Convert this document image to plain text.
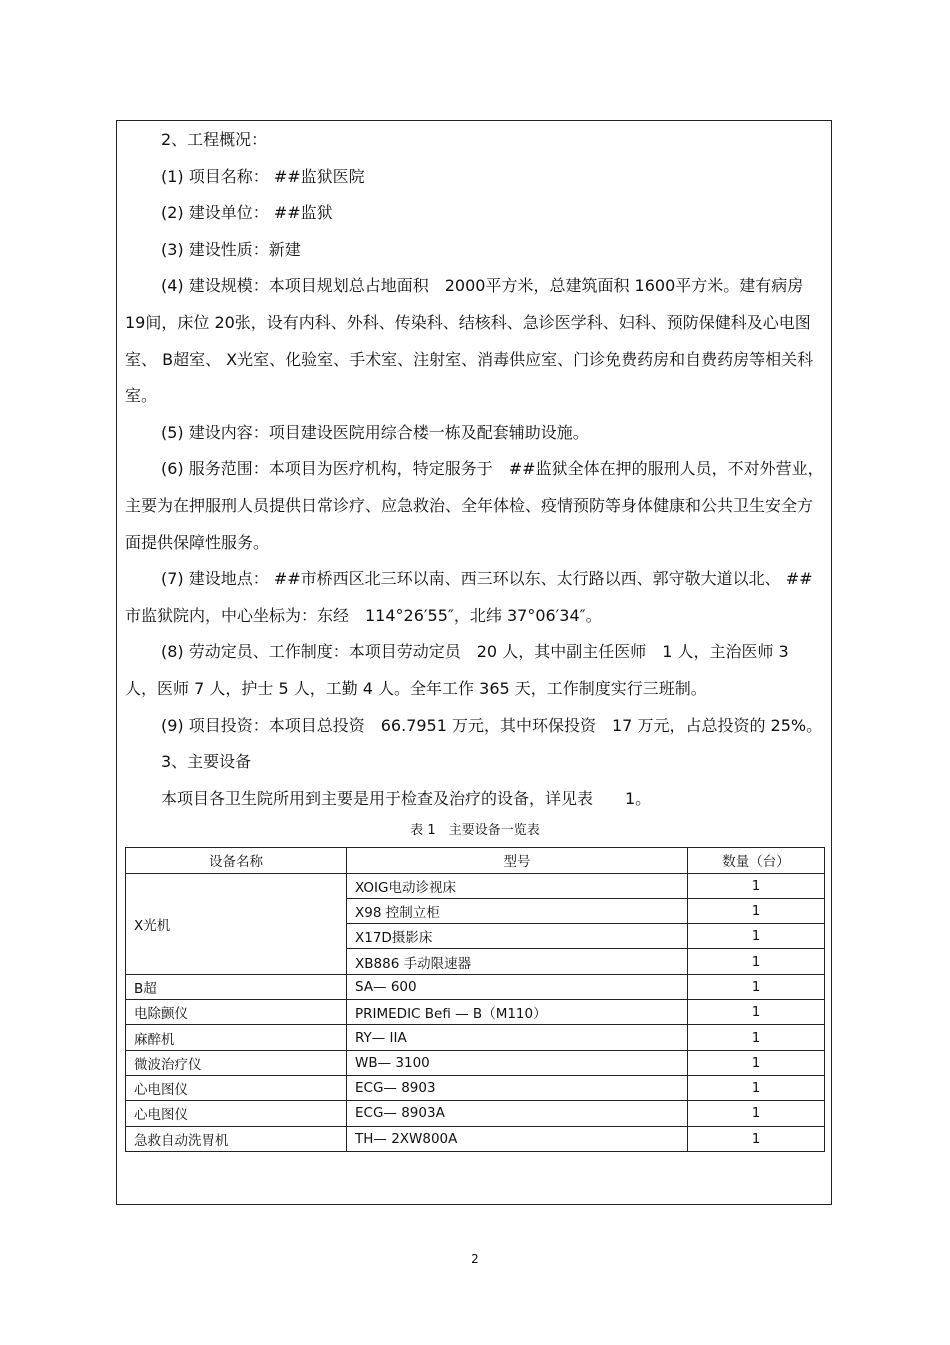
2、工程概况：

(1) 项目名称： ##监狱医院

(2) 建设单位： ##监狱

(3) 建设性质：新建

(4) 建设规模：本项目规划总占地面积　2000平方米，总建筑面积 1600平方米。建有病房 19间，床位 20张，设有内科、外科、传染科、结核科、急诊医学科、妇科、预防保健科及心电图室、 B超室、 X光室、化验室、手术室、注射室、消毒供应室、门诊免费药房和自费药房等相关科室。

(5) 建设内容：项目建设医院用综合楼一栋及配套辅助设施。

(6) 服务范围：本项目为医疗机构，特定服务于　##监狱全体在押的服刑人员，不对外营业，主要为在押服刑人员提供日常诊疗、应急救治、全年体检、疫情预防等身体健康和公共卫生安全方面提供保障性服务。

(7) 建设地点： ##市桥西区北三环以南、西三环以东、太行路以西、郭守敬大道以北、 ##市监狱院内，中心坐标为：东经　114°26′55″，北纬 37°06′34″。

(8) 劳动定员、工作制度：本项目劳动定员　20 人，其中副主任医师　1 人，主治医师 3 人，医师 7 人，护士 5 人，工勤 4 人。全年工作 365 天，工作制度实行三班制。

(9) 项目投资：本项目总投资　66.7951 万元，其中环保投资　17 万元，占总投资的 25%。

3、主要设备

本项目各卫生院所用到主要是用于检查及治疗的设备，详见表　　1。

表 1　主要设备一览表
设备名称	型号	数量（台）
X光机	XOIG电动诊视床	1
	X98 控制立柜	1
	X17D摄影床	1
	XB886 手动限速器	1
B超	SA— 600	1
电除颤仪	PRIMEDIC Befi — B（M110）	1
麻醉机	RY— IIA	1
微波治疗仪	WB— 3100	1
心电图仪	ECG— 8903	1
心电图仪	ECG— 8903A	1
急救自动洗胃机	TH— 2XW800A	1
2
